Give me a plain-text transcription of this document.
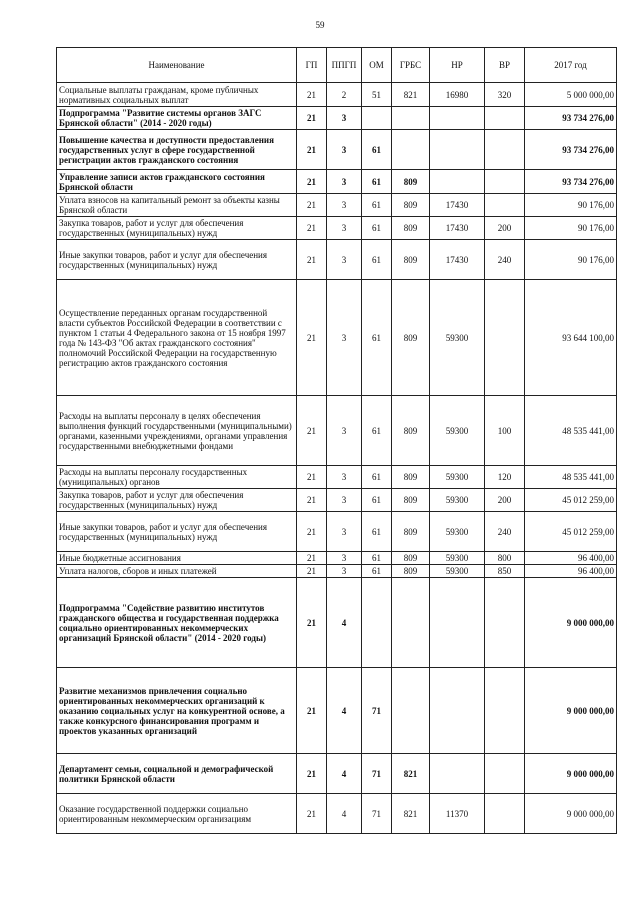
59
Наименование	ГП	ППГП	ОМ	ГРБС	НР	ВР	2017 год
Социальные выплаты гражданам, кроме публичных нормативных социальных выплат	21	2	51	821	16980	320	5 000 000,00
Подпрограмма "Развитие системы органов ЗАГС Брянской области" (2014 - 2020 годы)	21	3					93 734 276,00
Повышение качества и доступности предоставления государственных услуг в сфере государственной регистрации актов гражданского состояния	21	3	61				93 734 276,00
Управление записи актов гражданского состояния Брянской области	21	3	61	809			93 734 276,00
Уплата взносов на капитальный ремонт за объекты казны Брянской области	21	3	61	809	17430		90 176,00
Закупка товаров, работ и услуг для обеспечения государственных (муниципальных) нужд	21	3	61	809	17430	200	90 176,00
Иные закупки товаров, работ и услуг для обеспечения государственных (муниципальных) нужд	21	3	61	809	17430	240	90 176,00
Осуществление переданных органам государственной власти субъектов Российской Федерации в соответствии с пунктом 1 статьи 4 Федерального закона от 15 ноября 1997 года № 143-ФЗ "Об актах гражданского состояния" полномочий Российской Федерации на государственную регистрацию актов гражданского состояния	21	3	61	809	59300		93 644 100,00
Расходы на выплаты персоналу в целях обеспечения выполнения функций государственными (муниципальными) органами, казенными учреждениями, органами управления государственными внебюджетными фондами	21	3	61	809	59300	100	48 535 441,00
Расходы на выплаты персоналу государственных (муниципальных) органов	21	3	61	809	59300	120	48 535 441,00
Закупка товаров, работ и услуг для обеспечения государственных (муниципальных) нужд	21	3	61	809	59300	200	45 012 259,00
Иные закупки товаров, работ и услуг для обеспечения государственных (муниципальных) нужд	21	3	61	809	59300	240	45 012 259,00
Иные бюджетные ассигнования	21	3	61	809	59300	800	96 400,00
Уплата налогов, сборов и иных платежей	21	3	61	809	59300	850	96 400,00
Подпрограмма "Содействие развитию институтов гражданского общества и государственная поддержка социально ориентированных некоммерческих организаций Брянской области" (2014 - 2020 годы)	21	4					9 000 000,00
Развитие механизмов привлечения социально ориентированных некоммерческих организаций к оказанию социальных услуг на конкурентной основе, а также конкурсного финансирования программ и проектов указанных организаций	21	4	71				9 000 000,00
Департамент семьи, социальной и демографической политики Брянской области	21	4	71	821			9 000 000,00
Оказание государственной поддержки социально ориентированным некоммерческим организациям	21	4	71	821	11370		9 000 000,00
